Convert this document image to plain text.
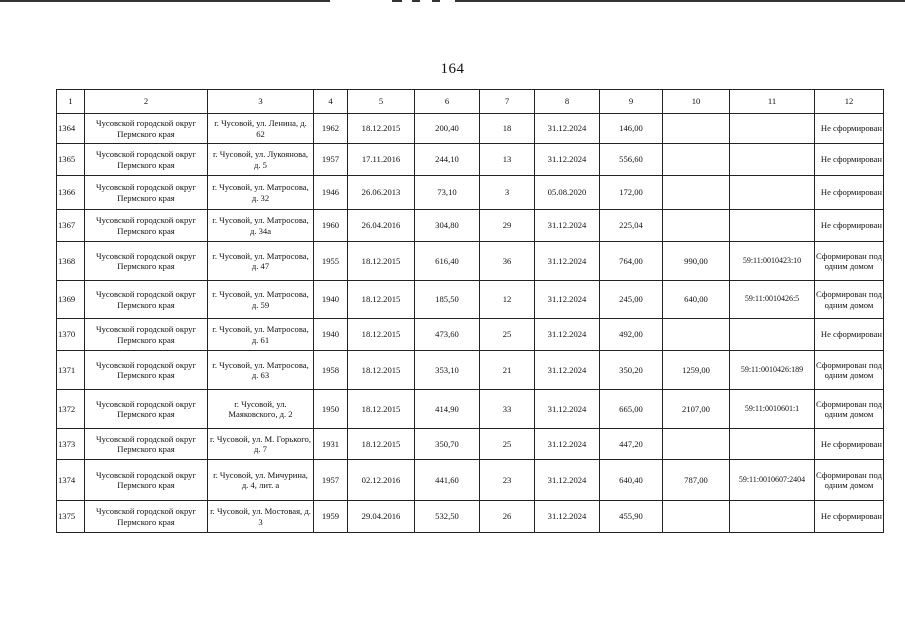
164
1	2	3	4	5	6	7	8	9	10	11	12
1364	Чусовской городской округ Пермского края	г. Чусовой, ул. Ленина, д. 62	1962	18.12.2015	200,40	18	31.12.2024	146,00			Не сформирован
1365	Чусовской городской округ Пермского края	г. Чусовой, ул. Лукоянова, д. 5	1957	17.11.2016	244,10	13	31.12.2024	556,60			Не сформирован
1366	Чусовской городской округ Пермского края	г. Чусовой, ул. Матросова, д. 32	1946	26.06.2013	73,10	3	05.08.2020	172,00			Не сформирован
1367	Чусовской городской округ Пермского края	г. Чусовой, ул. Матросова, д. 34а	1960	26.04.2016	304,80	29	31.12.2024	225,04			Не сформирован
1368	Чусовской городской округ Пермского края	г. Чусовой, ул. Матросова, д. 47	1955	18.12.2015	616,40	36	31.12.2024	764,00	990,00	59:11:0010423:10	Сформирован под одним домом
1369	Чусовской городской округ Пермского края	г. Чусовой, ул. Матросова, д. 59	1940	18.12.2015	185,50	12	31.12.2024	245,00	640,00	59:11:0010426:5	Сформирован под одним домом
1370	Чусовской городской округ Пермского края	г. Чусовой, ул. Матросова, д. 61	1940	18.12.2015	473,60	25	31.12.2024	492,00			Не сформирован
1371	Чусовской городской округ Пермского края	г. Чусовой, ул. Матросова, д. 63	1958	18.12.2015	353,10	21	31.12.2024	350,20	1259,00	59:11:0010426:189	Сформирован под одним домом
1372	Чусовской городской округ Пермского края	г. Чусовой, ул. Маяковского, д. 2	1950	18.12.2015	414,90	33	31.12.2024	665,00	2107,00	59:11:0010601:1	Сформирован под одним домом
1373	Чусовской городской округ Пермского края	г. Чусовой, ул. М. Горького, д. 7	1931	18.12.2015	350,70	25	31.12.2024	447,20			Не сформирован
1374	Чусовской городской округ Пермского края	г. Чусовой, ул. Мичурина, д. 4, лит. а	1957	02.12.2016	441,60	23	31.12.2024	640,40	787,00	59:11:0010607:2404	Сформирован под одним домом
1375	Чусовской городской округ Пермского края	г. Чусовой, ул. Мостовая, д. 3	1959	29.04.2016	532,50	26	31.12.2024	455,90			Не сформирован
